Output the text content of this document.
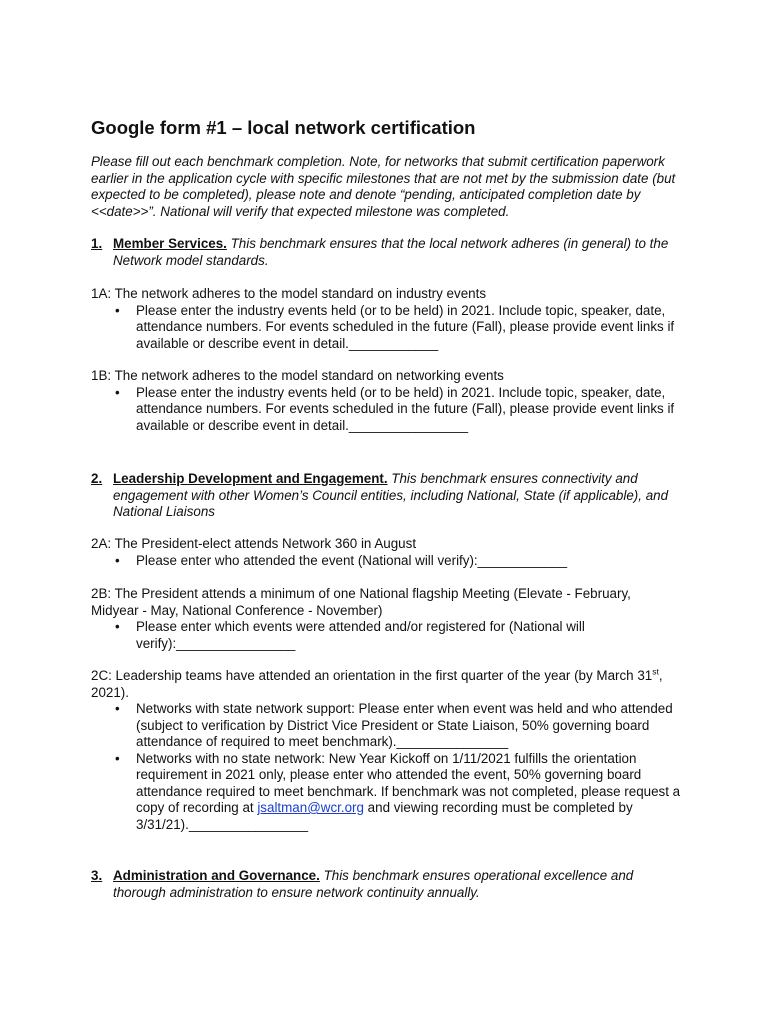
Google form #1 – local network certification

Please fill out each benchmark completion. Note, for networks that submit certification paperwork earlier in the application cycle with specific milestones that are not met by the submission date (but expected to be completed), please note and denote “pending, anticipated completion date by <<date>>”. National will verify that expected milestone was completed.

1. Member Services. This benchmark ensures that the local network adheres (in general) to the Network model standards.

1A: The network adheres to the model standard on industry events

• Please enter the industry events held (or to be held) in 2021. Include topic, speaker, date, attendance numbers. For events scheduled in the future (Fall), please provide event links if available or describe event in detail.____________

1B: The network adheres to the model standard on networking events

• Please enter the industry events held (or to be held) in 2021. Include topic, speaker, date, attendance numbers. For events scheduled in the future (Fall), please provide event links if available or describe event in detail.________________
2. Leadership Development and Engagement. This benchmark ensures connectivity and engagement with other Women’s Council entities, including National, State (if applicable), and National Liaisons

2A: The President-elect attends Network 360 in August

• Please enter who attended the event (National will verify):____________

2B: The President attends a minimum of one National flagship Meeting (Elevate - February, Midyear - May, National Conference - November)

• Please enter which events were attended and/or registered for (National will verify):________________

2C: Leadership teams have attended an orientation in the first quarter of the year (by March 31st, 2021).

• Networks with state network support: Please enter when event was held and who attended (subject to verification by District Vice President or State Liaison, 50% governing board attendance of required to meet benchmark)._______________
• Networks with no state network: New Year Kickoff on 1/11/2021 fulfills the orientation requirement in 2021 only, please enter who attended the event, 50% governing board attendance required to meet benchmark. If benchmark was not completed, please request a copy of recording at jsaltman@wcr.org and viewing recording must be completed by 3/31/21).________________
3. Administration and Governance. This benchmark ensures operational excellence and thorough administration to ensure network continuity annually.
